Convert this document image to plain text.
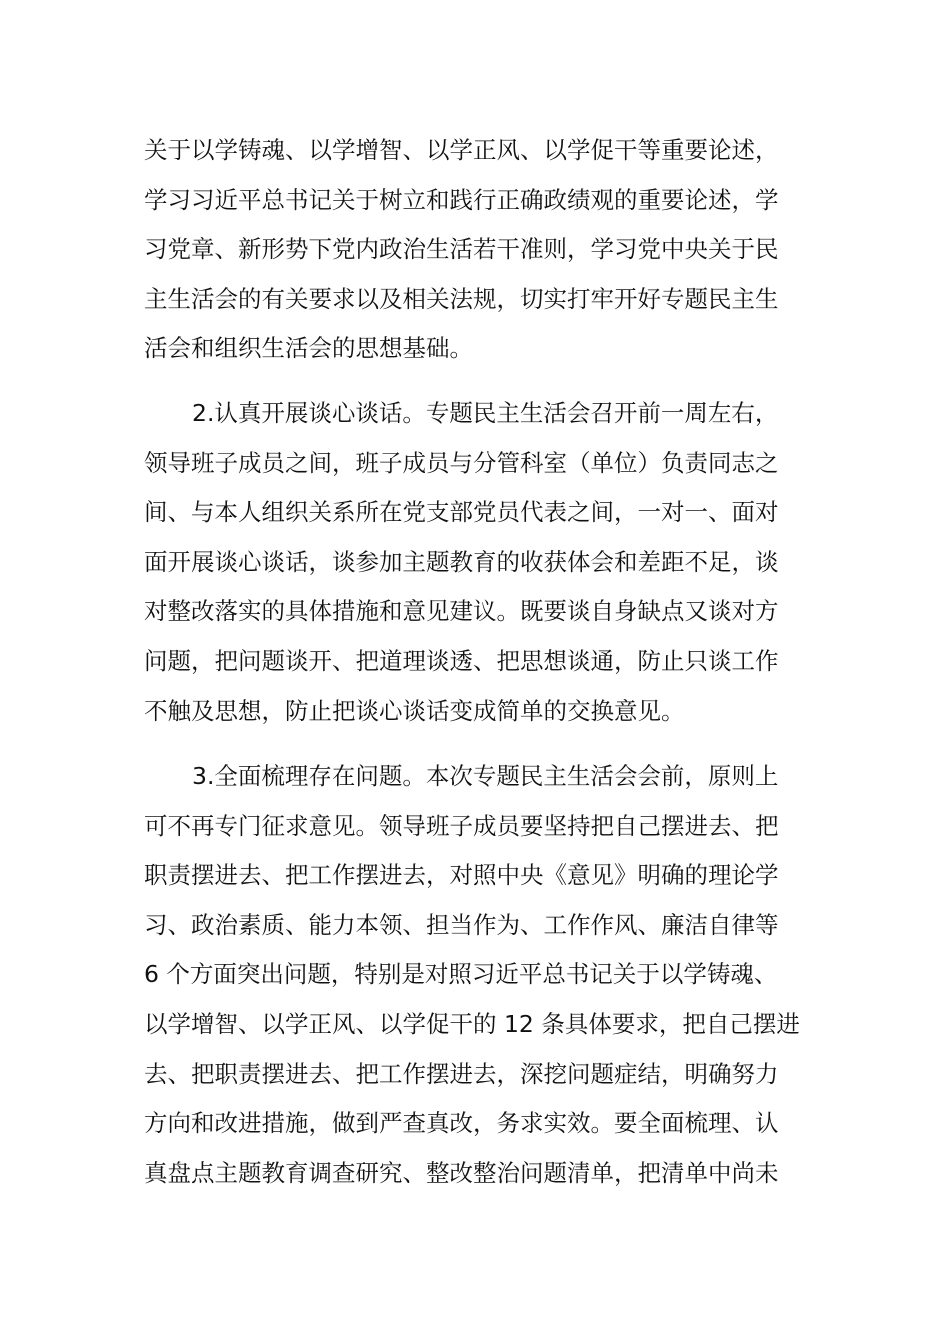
关于以学铸魂、以学增智、以学正风、以学促干等重要论述，
学习习近平总书记关于树立和践行正确政绩观的重要论述，学
习党章、新形势下党内政治生活若干准则，学习党中央关于民
主生活会的有关要求以及相关法规，切实打牢开好专题民主生
活会和组织生活会的思想基础。
2.认真开展谈心谈话。专题民主生活会召开前一周左右，
领导班子成员之间，班子成员与分管科室（单位）负责同志之
间、与本人组织关系所在党支部党员代表之间，一对一、面对
面开展谈心谈话，谈参加主题教育的收获体会和差距不足，谈
对整改落实的具体措施和意见建议。既要谈自身缺点又谈对方
问题，把问题谈开、把道理谈透、把思想谈通，防止只谈工作
不触及思想，防止把谈心谈话变成简单的交换意见。
3.全面梳理存在问题。本次专题民主生活会会前，原则上
可不再专门征求意见。领导班子成员要坚持把自己摆进去、把
职责摆进去、把工作摆进去，对照中央《意见》明确的理论学
习、政治素质、能力本领、担当作为、工作作风、廉洁自律等
6 个方面突出问题，特别是对照习近平总书记关于以学铸魂、
以学增智、以学正风、以学促干的 12 条具体要求，把自己摆进
去、把职责摆进去、把工作摆进去，深挖问题症结，明确努力
方向和改进措施，做到严查真改，务求实效。要全面梳理、认
真盘点主题教育调查研究、整改整治问题清单，把清单中尚未
